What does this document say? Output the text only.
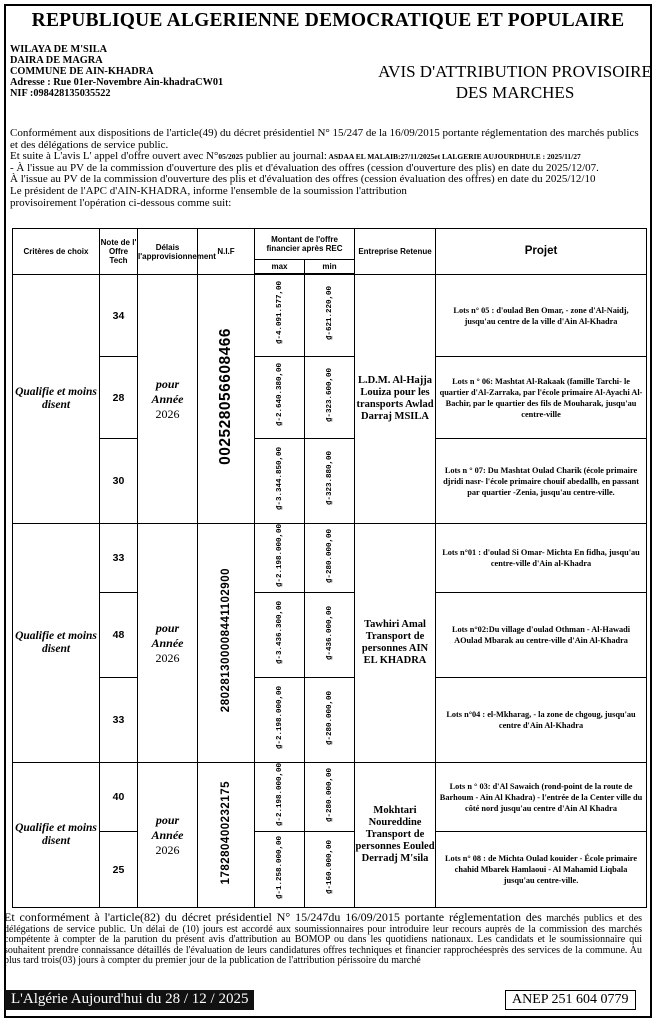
REPUBLIQUE ALGERIENNE DEMOCRATIQUE ET POPULAIRE
WILAYA DE M'SILA
DAIRA DE MAGRA
COMMUNE DE AIN-KHADRA
Adresse : Rue 01er-Novembre Ain-khadraCW01
NIF :098428135035522
AVIS D'ATTRIBUTION PROVISOIRE
DES MARCHES

Conformément aux dispositions de l'article(49) du décret présidentiel N° 15/247 de la 16/09/2015 portante réglementation des marchés publics et des délégations de service public.

Et suite à L'avis L' appel d'offre ouvert avec N°05/2025 publier au journal: ASDAA EL MALAIB:27/11/2025et LALGERIE AUJOURDHUI.E : 2025/11/27

- À l'issue au PV de la commission d'ouverture des plis et d'évaluation des offres (cession d'ouverture des plis) en date du 2025/12/07.

À l'issue au PV de la commission d'ouverture des plis et d'évaluation des offres (cession évaluation des offres) en date du 2025/12/10

Le président de l'APC d'AIN-KHADRA, informe l'ensemble de la soumission l'attribution

provisoirement l'opération ci-dessous comme suit:

Critères de choix	Note de l' Offre Tech	Délais l'approvisionnement	N.I.F	Montant de l'offre financier après REC		Entreprise Retenue	Projet
				max	min		

Qualifie et moins disent	34	pour
Année
2026	002528056608466	₫-4.091.577,00	₫-621.220,00	L.D.M. Al-Hajja Louiza pour les transports Awlad Darraj MSILA	Lots n° 05 : d'oulad Ben Omar, - zone d'Al-Naidj, jusqu'au centre de la ville d'Ain Al-Khadra
	28			₫-2.640.380,00	₫-323.600,00		Lots n ° 06: Mashtat Al-Rakaak (famille Tarchi- le quartier d'Al-Zarraka, par l'école primaire Al-Ayachi Al-Bachir, par le quartier des fils de Mouharak, jusqu'au centre-ville
	30			₫-3.344.850,00	₫-323.880,00		Lots n ° 07: Du Mashtat Oulad Charik (école primaire djridi nasr- l'école primaire chouif abedallh, en passant par quartier -Zenia, jusqu'au centre-ville.
Qualifie et moins disent	33	pour
Année
2026	280281300008441102900	₫-2.198.000,00	₫-280.000,00	Tawhiri Amal Transport de personnes AIN EL KHADRA	Lots n°01 : d'oulad Si Omar- Michta En fidha, jusqu'au centre-ville d'Ain al-Khadra
	48			₫-3.436.300,00	₫-436.000,00		Lots n°02:Du village d'oulad Othman - Al-Hawadi AOulad Mbarak au centre-ville d'Ain Al-Khadra
	33			₫-2.198.000,00	₫-280.000,00		Lots n°04 : el-Mkharag, - la zone de chgoug, jusqu'au centre d'Ain Al-Khadra
Qualifie et moins disent	40	pour
Année
2026	178280400232175	₫-2.198.000,00	₫-280.000,00	Mokhtari Noureddine Transport de personnes Eouled Derradj M'sila	Lots n ° 03: d'Al Sawaich (rond-point de la route de Barhoum - Ain Al Khadra) - l'entrée de la Center ville du côté nord jusqu'au centre d'Ain Al Khadra
	25			₫-1.258.000,00	₫-160.000,00		Lots n° 08 : de Michta Oulad kouider - École primaire chahid Mbarek Hamlaoui - Al Mahamid Liqbala jusqu'au centre-ville.
Et conformément à l'article(82) du décret présidentiel N° 15/247du 16/09/2015 portante réglementation des marchés publics et des délégations de service public. Un délai de (10) jours est accordé aux soumissionnaires pour introduire leur recours auprès de la commission des marchés compétente à compter de la parution du présent avis d'attribution au BOMOP ou dans les quotidiens nationaux. Les candidats et le soumissionnaire qui souhaitent prendre connaissance détaillés de l'évaluation de leurs candidatures offres techniques et financier rapprochéesprès des services de la commune. Au plus tard trois(03) jours à compter du premier jour de la publication de l'attribution périssoire du marché
L'Algérie Aujourd'hui du 28 / 12 / 2025	ANEP 251 604 0779
